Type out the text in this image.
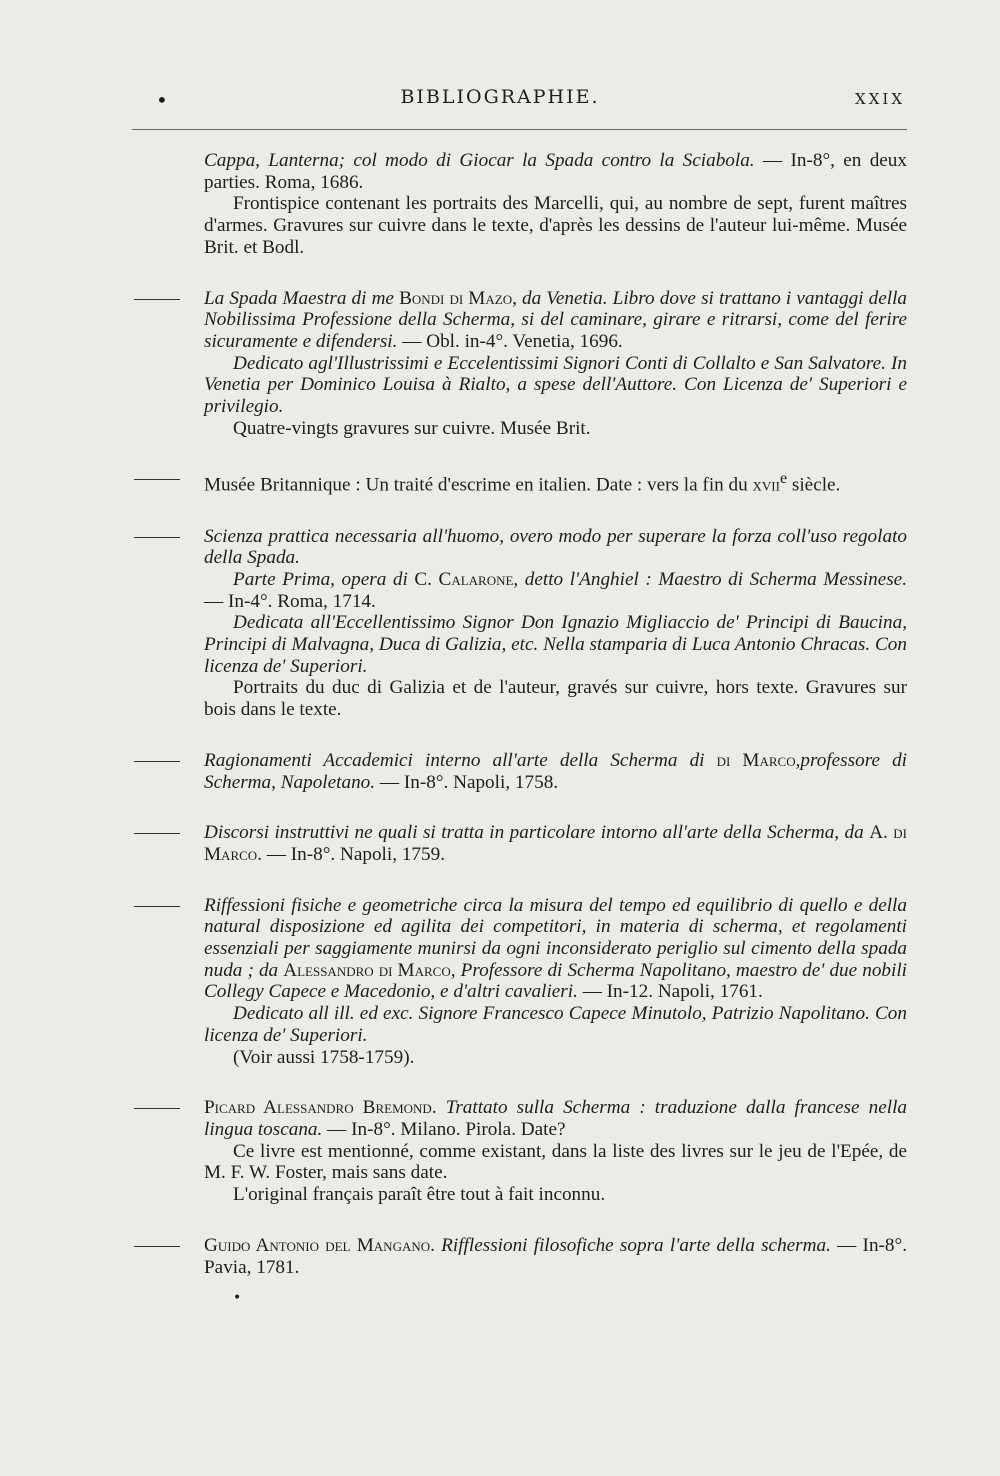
•	BIBLIOGRAPHIE.	XXIX
Cappa, Lanterna; col modo di Giocar la Spada contro la Sciabola. — In-8°, en deux parties. Roma, 1686.
Frontispice contenant les portraits des Marcelli, qui, au nombre de sept, furent maîtres d'armes. Gravures sur cuivre dans le texte, d'après les dessins de l'auteur lui-même. Musée Brit. et Bodl.
La Spada Maestra di me Bondi di Mazo, da Venetia. Libro dove si trattano i vantaggi della Nobilissima Professione della Scherma, si del caminare, girare e ritrarsi, come del ferire sicuramente e difendersi. — Obl. in-4°. Venetia, 1696.
Dedicato agl'Illustrissimi e Eccelentissimi Signori Conti di Collalto e San Salvatore. In Venetia per Dominico Louisa à Rialto, a spese dell'Auttore. Con Licenza de' Superiori e privilegio.
Quatre-vingts gravures sur cuivre. Musée Brit.
Musée Britannique : Un traité d'escrime en italien. Date : vers la fin du xvii$^e$ siècle.
Scienza prattica necessaria all'huomo, overo modo per superare la forza coll'uso regolato della Spada.
Parte Prima, opera di C. Calarone, detto l'Anghiel : Maestro di Scherma Messinese. — In-4°. Roma, 1714.
Dedicata all'Eccellentissimo Signor Don Ignazio Migliaccio de' Principi di Baucina, Principi di Malvagna, Duca di Galizia, etc. Nella stamparia di Luca Antonio Chracas. Con licenza de' Superiori.
Portraits du duc di Galizia et de l'auteur, gravés sur cuivre, hors texte. Gravures sur bois dans le texte.
Ragionamenti Accademici interno all'arte della Scherma di di Marco,professore di Scherma, Napoletano. — In-8°. Napoli, 1758.
Discorsi instruttivi ne quali si tratta in particolare intorno all'arte della Scherma, da A. di Marco. — In-8°. Napoli, 1759.
Riffessioni fisiche e geometriche circa la misura del tempo ed equilibrio di quello e della natural disposizione ed agilita dei competitori, in materia di scherma, et regolamenti essenziali per saggiamente munirsi da ogni inconsiderato periglio sul cimento della spada nuda ; da Alessandro di Marco, Professore di Scherma Napolitano, maestro de' due nobili Collegy Capece e Macedonio, e d'altri cavalieri. — In-12. Napoli, 1761.
Dedicato all ill. ed exc. Signore Francesco Capece Minutolo, Patrizio Napolitano. Con licenza de' Superiori.
(Voir aussi 1758-1759).
Picard Alessandro Bremond. Trattato sulla Scherma : traduzione dalla francese nella lingua toscana. — In-8°. Milano. Pirola. Date?
Ce livre est mentionné, comme existant, dans la liste des livres sur le jeu de l'Epée, de M. F. W. Foster, mais sans date.
L'original français paraît être tout à fait inconnu.
Guido Antonio del Mangano. Rifflessioni filosofiche sopra l'arte della scherma. — In-8°. Pavia, 1781.
•
